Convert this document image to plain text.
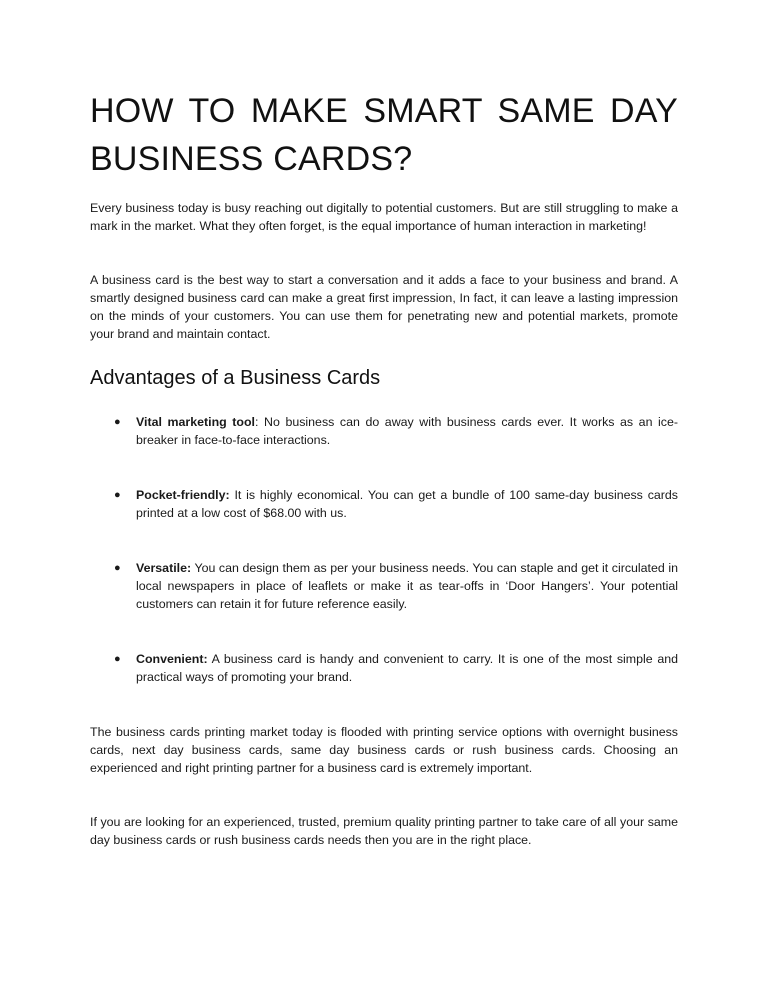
HOW TO MAKE SMART SAME DAY BUSINESS CARDS?

Every business today is busy reaching out digitally to potential customers. But are still struggling to make a mark in the market. What they often forget, is the equal importance of human interaction in marketing!

A business card is the best way to start a conversation and it adds a face to your business and brand. A smartly designed business card can make a great first impression, In fact, it can leave a lasting impression on the minds of your customers. You can use them for penetrating new and potential markets, promote your brand and maintain contact.

Advantages of a Business Cards
● Vital marketing tool: No business can do away with business cards ever. It works as an ice-breaker in face-to-face interactions.
● Pocket-friendly: It is highly economical. You can get a bundle of 100 same-day business cards printed at a low cost of $68.00 with us.
● Versatile: You can design them as per your business needs. You can staple and get it circulated in local newspapers in place of leaflets or make it as tear-offs in ‘Door Hangers’. Your potential customers can retain it for future reference easily.
● Convenient: A business card is handy and convenient to carry. It is one of the most simple and practical ways of promoting your brand.

The business cards printing market today is flooded with printing service options with overnight business cards, next day business cards, same day business cards or rush business cards. Choosing an experienced and right printing partner for a business card is extremely important.

If you are looking for an experienced, trusted, premium quality printing partner to take care of all your same day business cards or rush business cards needs then you are in the right place.
